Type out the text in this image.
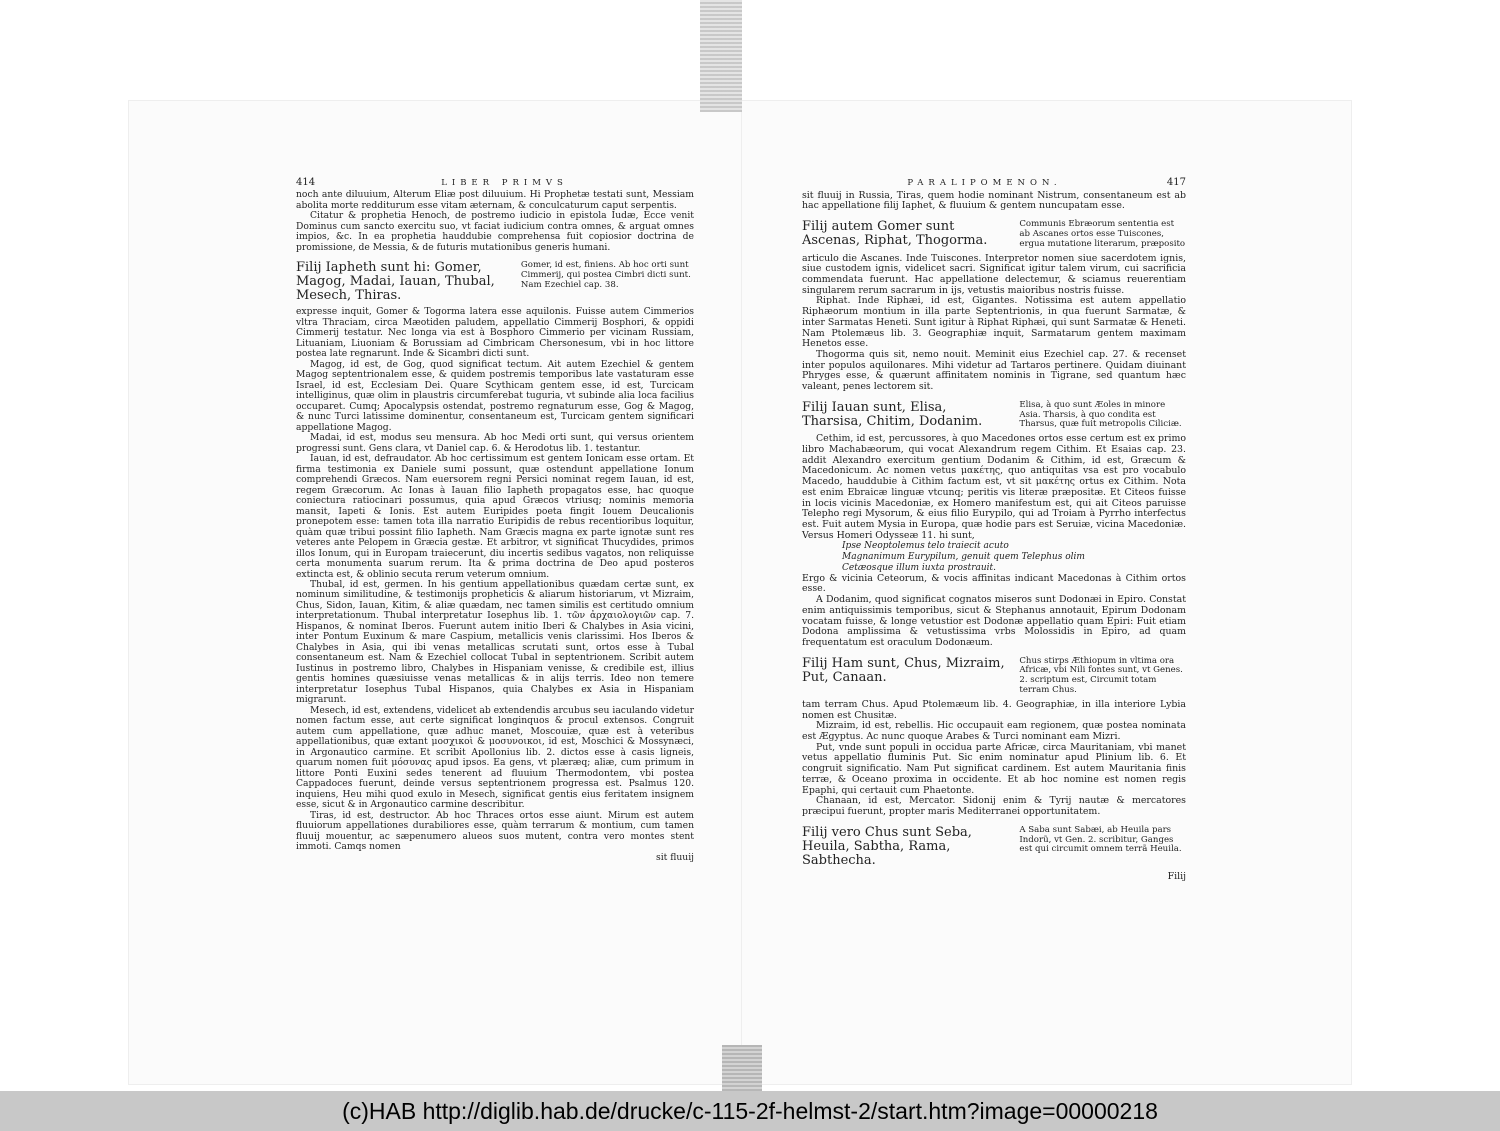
414	LIBER PRIMVS

noch ante diluuium, Alterum Eliæ post diluuium. Hi Prophetæ testati sunt, Messiam abolita morte redditurum esse vitam æternam, & conculcaturum caput serpentis.

Citatur & prophetia Henoch, de postremo iudicio in epistola Iudæ, Ecce venit Dominus cum sancto exercitu suo, vt faciat iudicium contra omnes, & arguat omnes impios, &c. In ea prophetia hauddubie comprehensa fuit copiosior doctrina de promissione, de Messia, & de futuris mutationibus generis humani.

Filij Iapheth sunt hi: Gomer, Magog, Madai, Iauan, Thubal, Mesech, Thiras.
Gomer, id est, finiens. Ab hoc orti sunt Cimmerij, qui postea Cimbri dicti sunt. Nam Ezechiel cap. 38.

expresse inquit, Gomer & Togorma latera esse aquilonis. Fuisse autem Cimmerios vltra Thraciam, circa Mæotiden paludem, appellatio Cimmerij Bosphori, & oppidi Cimmerij testatur. Nec longa via est à Bosphoro Cimmerio per vicinam Russiam, Lituaniam, Liuoniam & Borussiam ad Cimbricam Chersonesum, vbi in hoc littore postea late regnarunt. Inde & Sicambri dicti sunt.

Magog, id est, de Gog, quod significat tectum. Ait autem Ezechiel & gentem Magog septentrionalem esse, & quidem postremis temporibus late vastaturam esse Israel, id est, Ecclesiam Dei. Quare Scythicam gentem esse, id est, Turcicam intelliginus, quæ olim in plaustris circumferebat tuguria, vt subinde alia loca facilius occuparet. Cumq; Apocalypsis ostendat, postremo regnaturum esse, Gog & Magog, & nunc Turci latissime dominentur, consentaneum est, Turcicam gentem significari appellatione Magog.

Madai, id est, modus seu mensura. Ab hoc Medi orti sunt, qui versus orientem progressi sunt. Gens clara, vt Daniel cap. 6. & Herodotus lib. 1. testantur.

Iauan, id est, defraudator. Ab hoc certissimum est gentem Ionicam esse ortam. Et firma testimonia ex Daniele sumi possunt, quæ ostendunt appellatione Ionum comprehendi Græcos. Nam euersorem regni Persici nominat regem Iauan, id est, regem Græcorum. Ac Ionas à Iauan filio Iapheth propagatos esse, hac quoque coniectura ratiocinari possumus, quia apud Græcos vtriusq; nominis memoria mansit, Iapeti & Ionis. Est autem Euripides poeta fingit Iouem Deucalionis pronepotem esse: tamen tota illa narratio Euripidis de rebus recentioribus loquitur, quàm quæ tribui possint filio Iapheth. Nam Græcis magna ex parte ignotæ sunt res veteres ante Pelopem in Græcia gestæ. Et arbitror, vt significat Thucydides, primos illos Ionum, qui in Europam traiecerunt, diu incertis sedibus vagatos, non reliquisse certa monumenta suarum rerum. Ita & prima doctrina de Deo apud posteros extincta est, & oblinio secuta rerum veterum omnium.

Thubal, id est, germen. In his gentium appellationibus quædam certæ sunt, ex nominum similitudine, & testimonijs propheticis & aliarum historiarum, vt Mizraim, Chus, Sidon, Iauan, Kitim, & aliæ quædam, nec tamen similis est certitudo omnium interpretationum. Thubal interpretatur Iosephus lib. 1. τῶν ἀρχαιολογιῶν cap. 7. Hispanos, & nominat Iberos. Fuerunt autem initio Iberi & Chalybes in Asia vicini, inter Pontum Euxinum & mare Caspium, metallicis venis clarissimi. Hos Iberos & Chalybes in Asia, qui ibi venas metallicas scrutati sunt, ortos esse à Tubal consentaneum est. Nam & Ezechiel collocat Tubal in septentrionem. Scribit autem Iustinus in postremo libro, Chalybes in Hispaniam venisse, & credibile est, illius gentis homines quæsiuisse venas metallicas & in alijs terris. Ideo non temere interpretatur Iosephus Tubal Hispanos, quia Chalybes ex Asia in Hispaniam migrarunt.

Mesech, id est, extendens, videlicet ab extendendis arcubus seu iaculando videtur nomen factum esse, aut certe significat longinquos & procul extensos. Congruit autem cum appellatione, quæ adhuc manet, Moscouiæ, quæ est à veteribus appellationibus, quæ extant μοσχικοὶ & μοσυνοικοι, id est, Moschici & Mossynæci, in Argonautico carmine. Et scribit Apollonius lib. 2. dictos esse à casis ligneis, quarum nomen fuit μόσυνας apud ipsos. Ea gens, vt plæræq; aliæ, cum primum in littore Ponti Euxini sedes tenerent ad fluuium Thermodontem, vbi postea Cappadoces fuerunt, deinde versus septentrionem progressa est. Psalmus 120. inquiens, Heu mihi quod exulo in Mesech, significat gentis eius feritatem insignem esse, sicut & in Argonautico carmine describitur.

Tiras, id est, destructor. Ab hoc Thraces ortos esse aiunt. Mirum est autem fluuiorum appellationes durabiliores esse, quàm terrarum & montium, cum tamen fluuij mouentur, ac sæpenumero alueos suos mutent, contra vero montes stent immoti. Camqs nomen

sit fluuij

PARALIPOMENON.	417

sit fluuij in Russia, Tiras, quem hodie nominant Nistrum, consentaneum est ab hac appellatione filij Iaphet, & fluuium & gentem nuncupatam esse.

Filij autem Gomer sunt Ascenas, Riphat, Thogorma.
Communis Ebræorum sententia est ab Ascanes ortos esse Tuiscones, ergua mutatione literarum, præposito

articulo die Ascanes. Inde Tuiscones. Interpretor nomen siue sacerdotem ignis, siue custodem ignis, videlicet sacri. Significat igitur talem virum, cui sacrificia commendata fuerunt. Hac appellatione delectemur, & sciamus reuerentiam singularem rerum sacrarum in ijs, vetustis maioribus nostris fuisse.

Riphat. Inde Riphæi, id est, Gigantes. Notissima est autem appellatio Riphæorum montium in illa parte Septentrionis, in qua fuerunt Sarmatæ, & inter Sarmatas Heneti. Sunt igitur à Riphat Riphæi, qui sunt Sarmatæ & Heneti. Nam Ptolemæus lib. 3. Geographiæ inquit, Sarmatarum gentem maximam Henetos esse.

Thogorma quis sit, nemo nouit. Meminit eius Ezechiel cap. 27. & recenset inter populos aquilonares. Mihi videtur ad Tartaros pertinere. Quidam diuinant Phryges esse, & quærunt affinitatem nominis in Tigrane, sed quantum hæc valeant, penes lectorem sit.

Filij Iauan sunt, Elisa, Tharsisa, Chitim, Dodanim.
Elisa, à quo sunt Æoles in minore Asia. Tharsis, à quo condita est Tharsus, quæ fuit metropolis Ciliciæ.

Cethim, id est, percussores, à quo Macedones ortos esse certum est ex primo libro Machabæorum, qui vocat Alexandrum regem Cithim. Et Esaias cap. 23. addit Alexandro exercitum gentium Dodanim & Cithim, id est, Græcum & Macedonicum. Ac nomen vetus μακέτης, quo antiquitas vsa est pro vocabulo Macedo, hauddubie à Cithim factum est, vt sit μακέτης ortus ex Cithim. Nota est enim Ebraicæ linguæ vtcunq; peritis vis literæ præpositæ. Et Citeos fuisse in locis vicinis Macedoniæ, ex Homero manifestum est, qui ait Citeos paruisse Telepho regi Mysorum, & eius filio Eurypilo, qui ad Troiam à Pyrrho interfectus est. Fuit autem Mysia in Europa, quæ hodie pars est Seruiæ, vicina Macedoniæ. Versus Homeri Odysseæ 11. hi sunt,

Ipse Neoptolemus telo traiecit acuto
Magnanimum Eurypilum, genuit quem Telephus olim
Cetæosque illum iuxta prostrauit.

Ergo & vicinia Ceteorum, & vocis affinitas indicant Macedonas à Cithim ortos esse.

A Dodanim, quod significat cognatos miseros sunt Dodonæi in Epiro. Constat enim antiquissimis temporibus, sicut & Stephanus annotauit, Epirum Dodonam vocatam fuisse, & longe vetustior est Dodonæ appellatio quam Epiri: Fuit etiam Dodona amplissima & vetustissima vrbs Molossidis in Epiro, ad quam frequentatum est oraculum Dodonæum.

Filij Ham sunt, Chus, Mizraim, Put, Canaan.
Chus stirps Æthiopum in vltima ora Africæ, vbi Nili fontes sunt, vt Genes. 2. scriptum est, Circumit totam terram Chus.

tam terram Chus. Apud Ptolemæum lib. 4. Geographiæ, in illa interiore Lybia nomen est Chusitæ.

Mizraim, id est, rebellis. Hic occupauit eam regionem, quæ postea nominata est Ægyptus. Ac nunc quoque Arabes & Turci nominant eam Mizri.

Put, vnde sunt populi in occidua parte Africæ, circa Mauritaniam, vbi manet vetus appellatio fluminis Put. Sic enim nominatur apud Plinium lib. 6. Et congruit significatio. Nam Put significat cardinem. Est autem Mauritania finis terræ, & Oceano proxima in occidente. Et ab hoc nomine est nomen regis Epaphi, qui certauit cum Phaetonte.

Chanaan, id est, Mercator. Sidonij enim & Tyrij nautæ & mercatores præcipui fuerunt, propter maris Mediterranei opportunitatem.

Filij vero Chus sunt Seba, Heuila, Sabtha, Rama, Sabthecha.
A Saba sunt Sabæi, ab Heuila pars Indorũ, vt Gen. 2. scribitur, Ganges est qui circumit omnem terrã Heuila.

Filij

(c)HAB http://diglib.hab.de/drucke/c-115-2f-helmst-2/start.htm?image=00000218
